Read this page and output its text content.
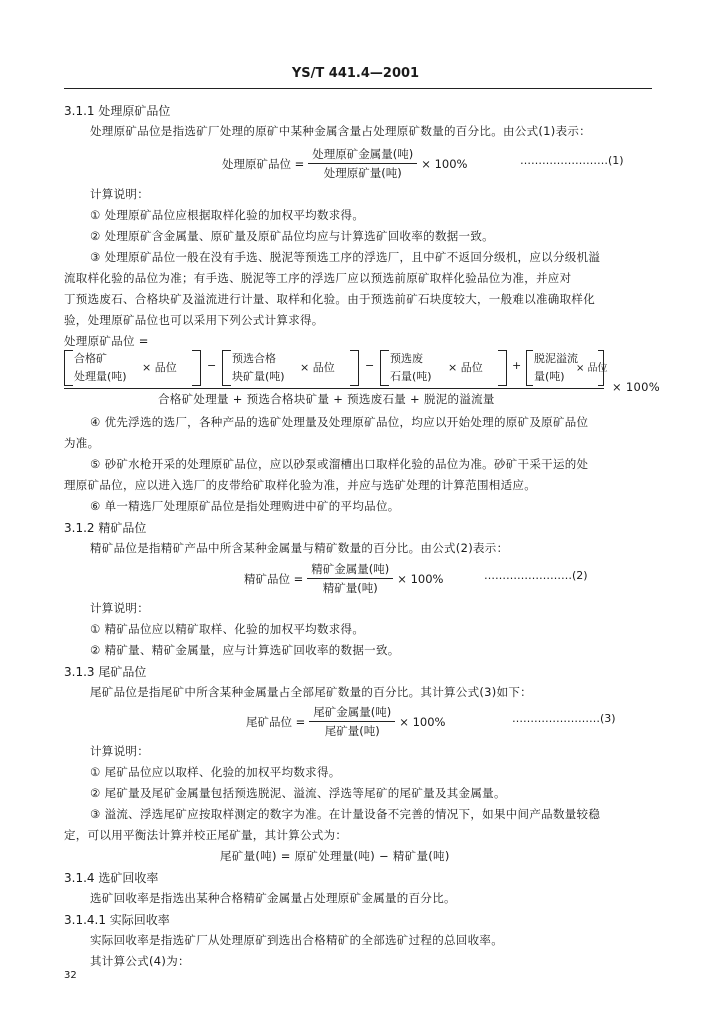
YS/T 441.4—2001
3.1.1 处理原矿品位
处理原矿品位是指选矿厂处理的原矿中某种金属含量占处理原矿数量的百分比。由公式(1)表示：
处理原矿品位 = $\frac{\text{处理原矿金属量(吨)}}{\text{处理原矿量(吨)}} \times 100\%$	……………………(1)
计算说明：
① 处理原矿品位应根据取样化验的加权平均数求得。
② 处理原矿含金属量、原矿量及原矿品位均应与计算选矿回收率的数据一致。
③ 处理原矿品位一般在没有手选、脱泥等预选工序的浮选厂，且中矿不返回分级机，应以分级机溢
流取样化验的品位为准；有手选、脱泥等工序的浮选厂应以预选前原矿取样化验品位为准，并应对
丁预选废石、合格块矿及溢流进行计量、取样和化验。由于预选前矿石块度较大，一般难以准确取样化
验，处理原矿品位也可以采用下列公式计算求得。
处理原矿品位 =
合格矿
处理量(吨)
× 品位	−
预选合格
块矿量(吨)
× 品位	−
预选废
石量(吨)
× 品位	+
脱泥溢流
量(吨)
× 品位
合格矿处理量 + 预选合格块矿量 + 预选废石量 + 脱泥的溢流量
× 100%
④ 优先浮选的选厂，各种产品的选矿处理量及处理原矿品位，均应以开始处理的原矿及原矿品位
为准。
⑤ 砂矿水枪开采的处理原矿品位，应以砂泵或溜槽出口取样化验的品位为准。砂矿干采干运的处
理原矿品位，应以进入选厂的皮带给矿取样化验为准，并应与选矿处理的计算范围相适应。
⑥ 单一精选厂处理原矿品位是指处理购进中矿的平均品位。
3.1.2 精矿品位
精矿品位是指精矿产品中所含某种金属量与精矿数量的百分比。由公式(2)表示：
精矿品位 = $\frac{\text{精矿金属量(吨)}}{\text{精矿量(吨)}} \times 100\%$	……………………(2)
计算说明：
① 精矿品位应以精矿取样、化验的加权平均数求得。
② 精矿量、精矿金属量，应与计算选矿回收率的数据一致。
3.1.3 尾矿品位
尾矿品位是指尾矿中所含某种金属量占全部尾矿数量的百分比。其计算公式(3)如下：
尾矿品位 = $\frac{\text{尾矿金属量(吨)}}{\text{尾矿量(吨)}} \times 100\%$	……………………(3)
计算说明：
① 尾矿品位应以取样、化验的加权平均数求得。
② 尾矿量及尾矿金属量包括预选脱泥、溢流、浮选等尾矿的尾矿量及其金属量。
③ 溢流、浮选尾矿应按取样测定的数字为准。在计量设备不完善的情况下，如果中间产品数量较稳
定，可以用平衡法计算并校正尾矿量，其计算公式为：
尾矿量(吨) = 原矿处理量(吨) − 精矿量(吨)
3.1.4 选矿回收率
选矿回收率是指选出某种合格精矿金属量占处理原矿金属量的百分比。
3.1.4.1 实际回收率
实际回收率是指选矿厂从处理原矿到选出合格精矿的全部选矿过程的总回收率。
其计算公式(4)为：
32
